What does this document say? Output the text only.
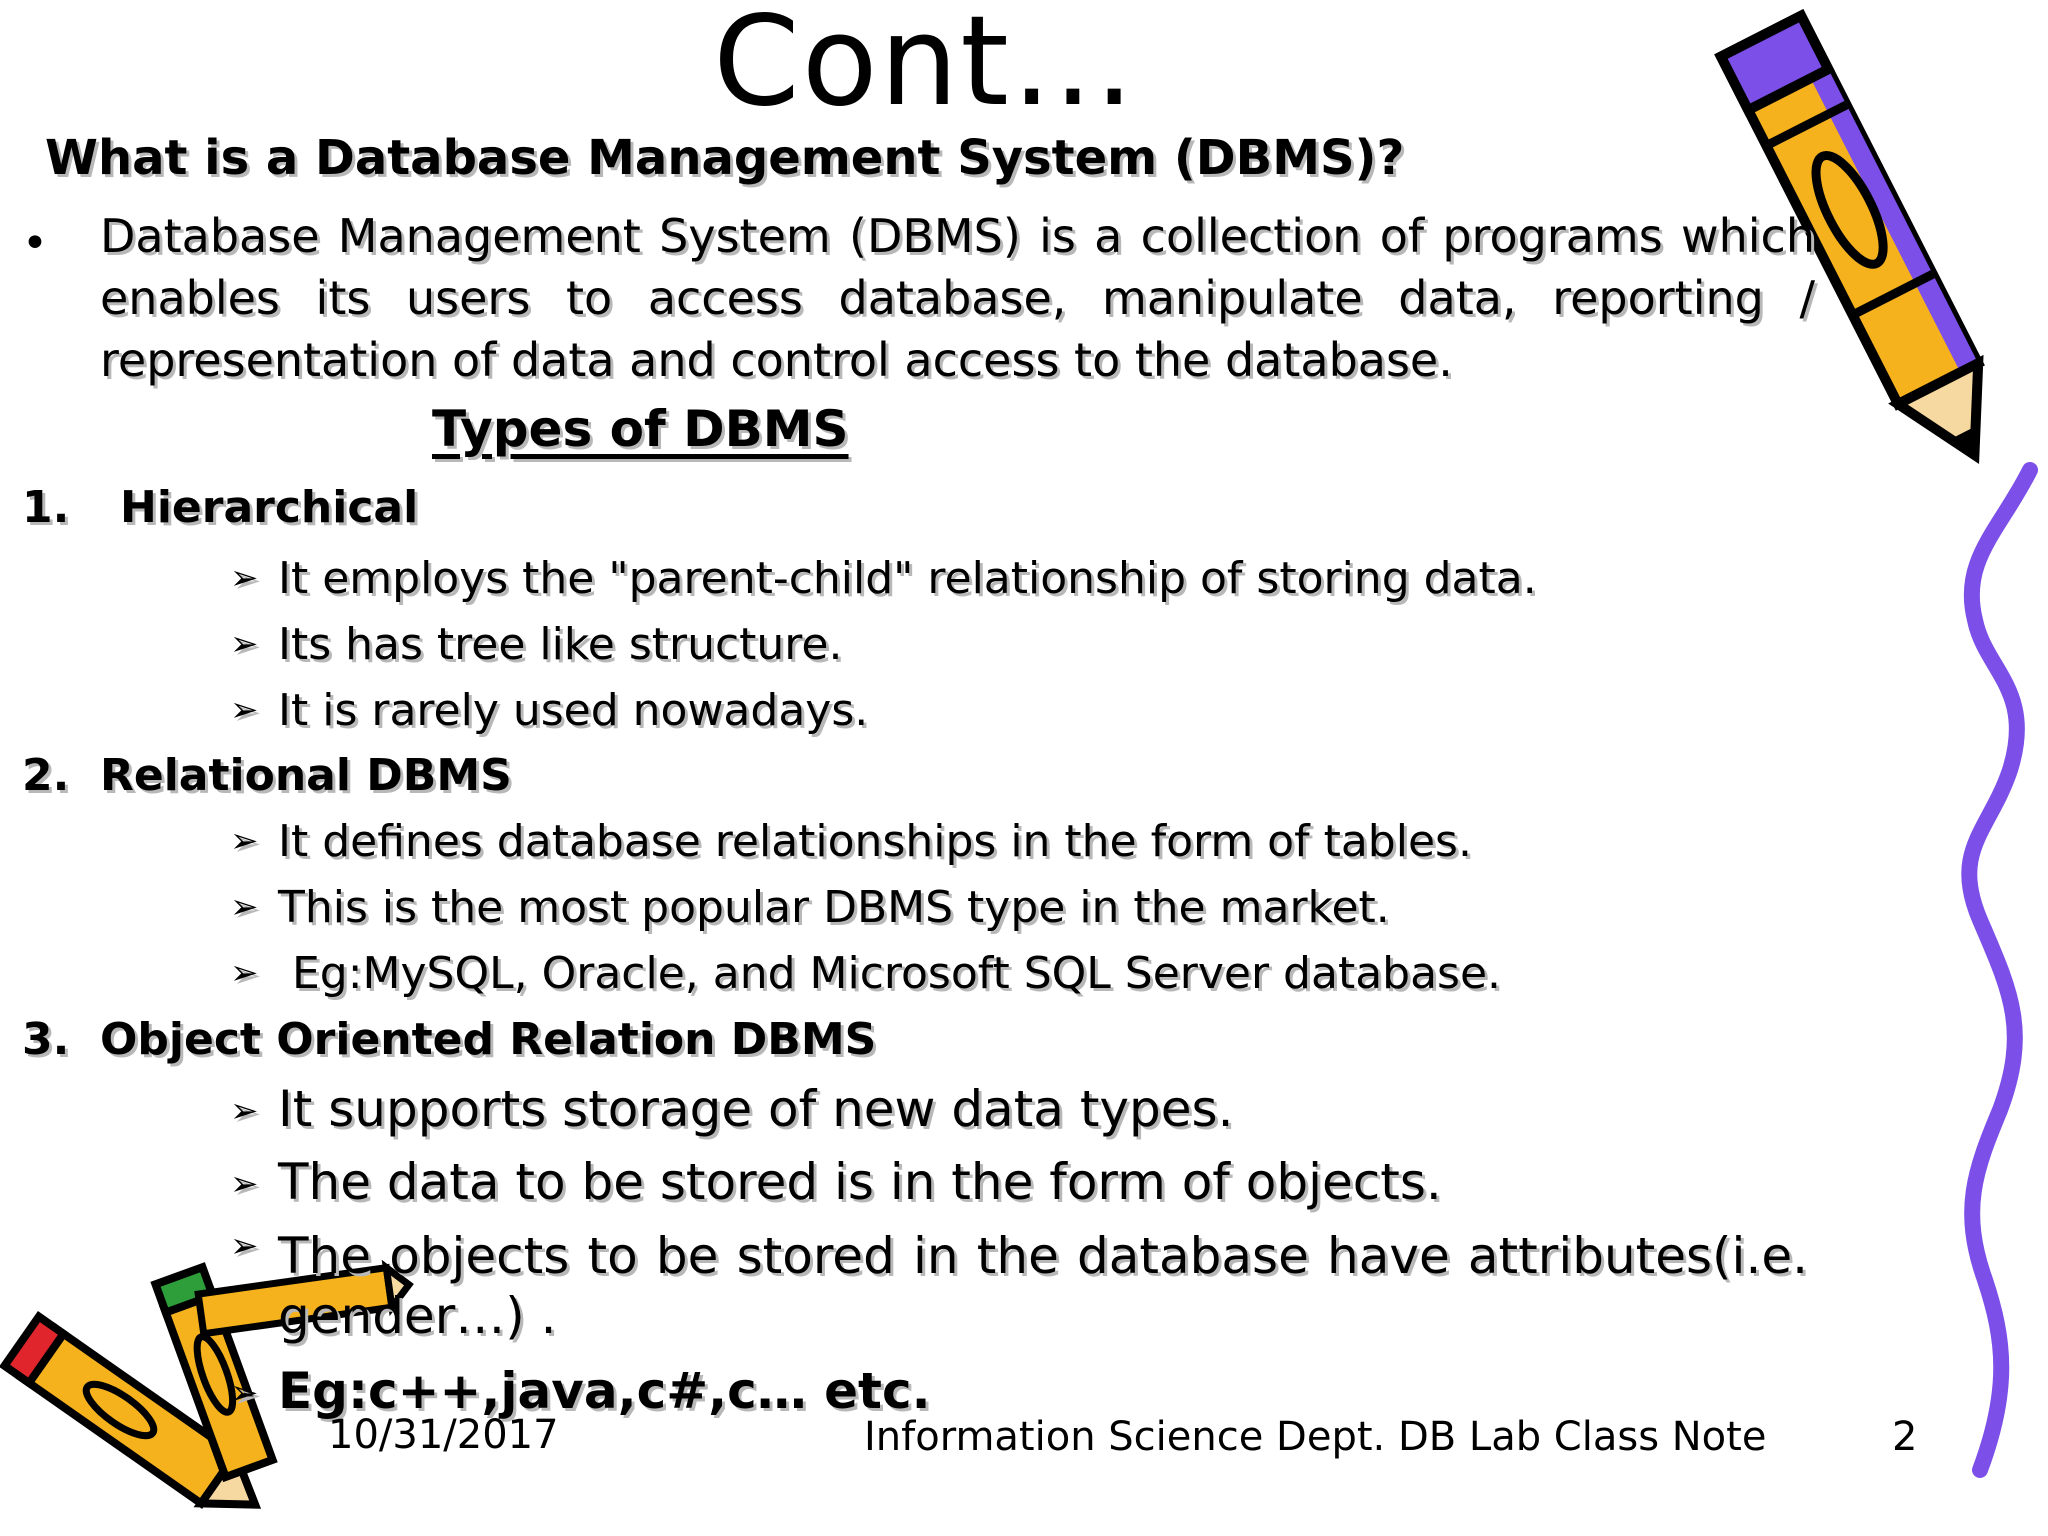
Cont…
What is a Database Management System (DBMS)?
• Database Management System (DBMS) is a collection of programs which enables its users to access database, manipulate data, reporting / representation of data and control access to the database.
Types of DBMS
1. Hierarchical
➢ It employs the "parent-child" relationship of storing data.
➢ Its has tree like structure.
➢ It is rarely used nowadays.
2. Relational DBMS
➢ It defines database relationships in the form of tables.
➢ This is the most popular DBMS type in the market.
➢ Eg:MySQL, Oracle, and Microsoft SQL Server database.
3. Object Oriented Relation DBMS
➢ It supports storage of new data types.
➢ The data to be stored is in the form of objects.
➢ The objects to be stored in the database have attributes(i.e. gender…) .
➢ Eg:c++,java,c#,c… etc.
10/31/2017	Information Science Dept. DB Lab Class Note	2
